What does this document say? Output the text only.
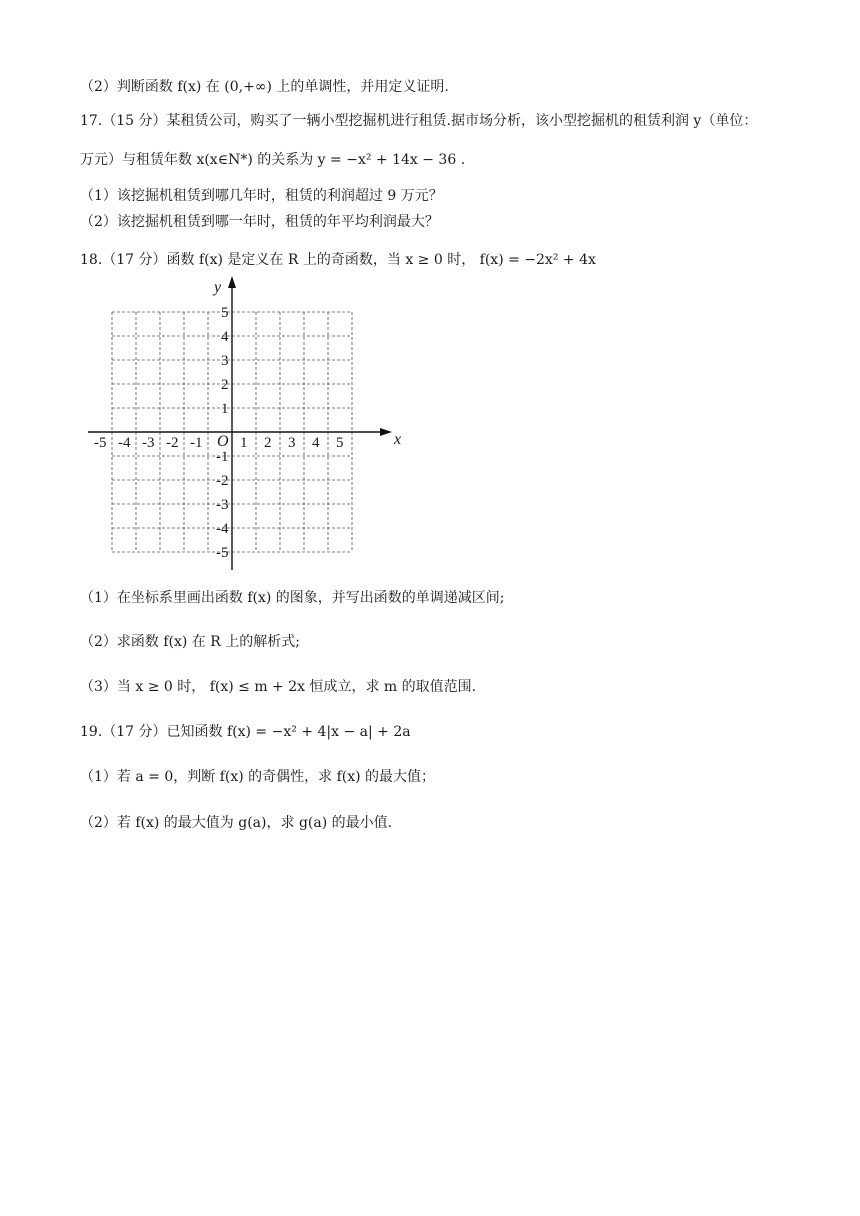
（2）判断函数 f(x) 在 (0,+∞) 上的单调性，并用定义证明.
17.（15 分）某租赁公司，购买了一辆小型挖掘机进行租赁.据市场分析，该小型挖掘机的租赁利润 y（单位：
万元）与租赁年数 x(x∈N*) 的关系为 y = −x² + 14x − 36 .
（1）该挖掘机租赁到哪几年时，租赁的利润超过 9 万元？
（2）该挖掘机租赁到哪一年时，租赁的年平均利润最大？
18.（17 分）函数 f(x) 是定义在 R 上的奇函数，当 x ≥ 0 时， f(x) = −2x² + 4x
x
y
O
-5 -4 -3 -2 -1	1 2 3 4 5
5
4
3
2
1
-1
-2
-3
-4
-5
（1）在坐标系里画出函数 f(x) 的图象，并写出函数的单调递减区间;
（2）求函数 f(x) 在 R 上的解析式;
（3）当 x ≥ 0 时， f(x) ≤ m + 2x 恒成立，求 m 的取值范围.
19.（17 分）已知函数 f(x) = −x² + 4|x − a| + 2a
（1）若 a = 0，判断 f(x) 的奇偶性，求 f(x) 的最大值；
（2）若 f(x) 的最大值为 g(a)，求 g(a) 的最小值.
